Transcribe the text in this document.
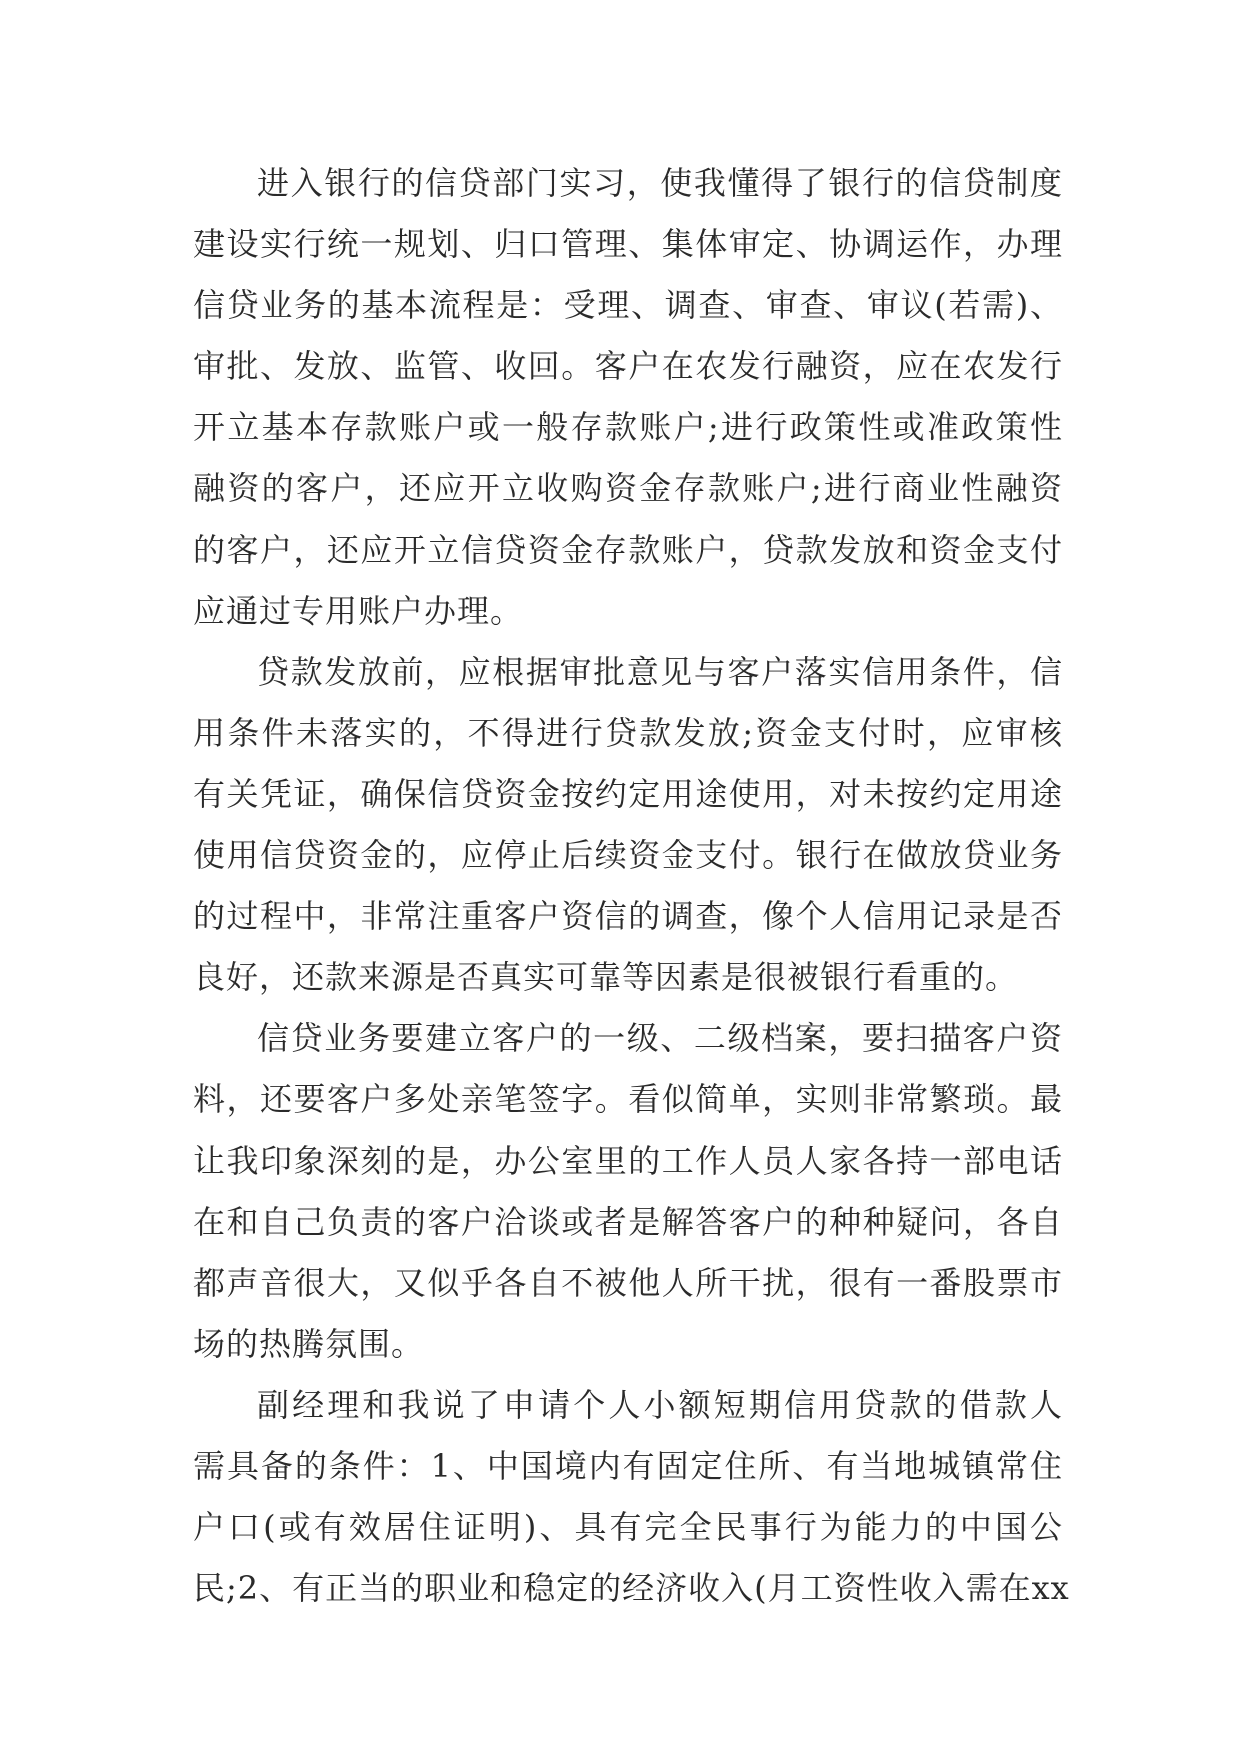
进入银行的信贷部门实习，使我懂得了银行的信贷制度
建设实行统一规划、归口管理、集体审定、协调运作，办理
信贷业务的基本流程是：受理、调查、审查、审议(若需)、
审批、发放、监管、收回。客户在农发行融资，应在农发行
开立基本存款账户或一般存款账户;进行政策性或准政策性
融资的客户，还应开立收购资金存款账户;进行商业性融资
的客户，还应开立信贷资金存款账户，贷款发放和资金支付
应通过专用账户办理。
贷款发放前，应根据审批意见与客户落实信用条件，信
用条件未落实的，不得进行贷款发放;资金支付时，应审核
有关凭证，确保信贷资金按约定用途使用，对未按约定用途
使用信贷资金的，应停止后续资金支付。银行在做放贷业务
的过程中，非常注重客户资信的调查，像个人信用记录是否
良好，还款来源是否真实可靠等因素是很被银行看重的。
信贷业务要建立客户的一级、二级档案，要扫描客户资
料，还要客户多处亲笔签字。看似简单，实则非常繁琐。最
让我印象深刻的是，办公室里的工作人员人家各持一部电话
在和自己负责的客户洽谈或者是解答客户的种种疑问，各自
都声音很大，又似乎各自不被他人所干扰，很有一番股票市
场的热腾氛围。
副经理和我说了申请个人小额短期信用贷款的借款人
需具备的条件：1、中国境内有固定住所、有当地城镇常住
户口(或有效居住证明)、具有完全民事行为能力的中国公
民;2、有正当的职业和稳定的经济收入(月工资性收入需在xx
